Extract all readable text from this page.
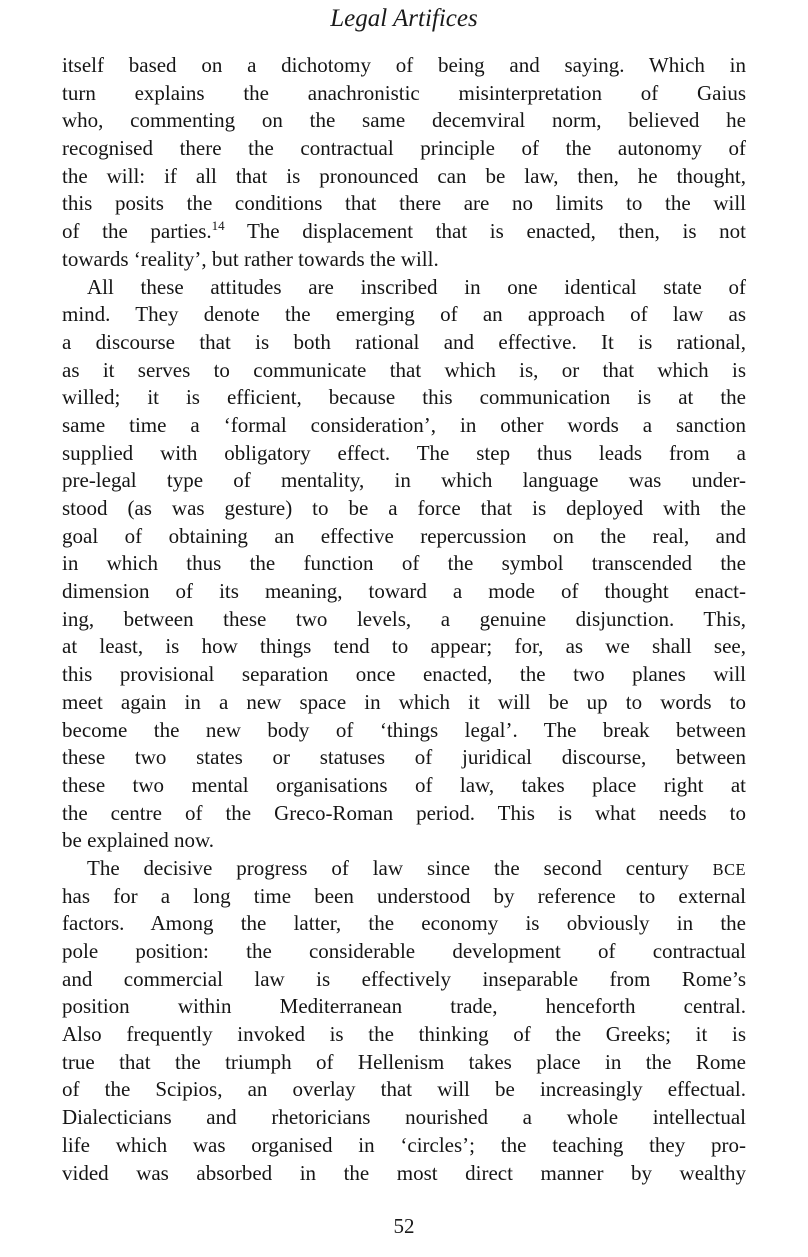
Legal Artifices
itself based on a dichotomy of being and saying. Which in
turn explains the anachronistic misinterpretation of Gaius
who, commenting on the same decemviral norm, believed he
recognised there the contractual principle of the autonomy of
the will: if all that is pronounced can be law, then, he thought,
this posits the conditions that there are no limits to the will
of the parties.$^{14}$ The displacement that is enacted, then, is not
towards ‘reality’, but rather towards the will.
All these attitudes are inscribed in one identical state of
mind. They denote the emerging of an approach of law as
a discourse that is both rational and effective. It is rational,
as it serves to communicate that which is, or that which is
willed; it is efficient, because this communication is at the
same time a ‘formal consideration’, in other words a sanction
supplied with obligatory effect. The step thus leads from a
pre-legal type of mentality, in which language was under-
stood (as was gesture) to be a force that is deployed with the
goal of obtaining an effective repercussion on the real, and
in which thus the function of the symbol transcended the
dimension of its meaning, toward a mode of thought enact-
ing, between these two levels, a genuine disjunction. This,
at least, is how things tend to appear; for, as we shall see,
this provisional separation once enacted, the two planes will
meet again in a new space in which it will be up to words to
become the new body of ‘things legal’. The break between
these two states or statuses of juridical discourse, between
these two mental organisations of law, takes place right at
the centre of the Greco-Roman period. This is what needs to
be explained now.
The decisive progress of law since the second century BCE
has for a long time been understood by reference to external
factors. Among the latter, the economy is obviously in the
pole position: the considerable development of contractual
and commercial law is effectively inseparable from Rome’s
position within Mediterranean trade, henceforth central.
Also frequently invoked is the thinking of the Greeks; it is
true that the triumph of Hellenism takes place in the Rome
of the Scipios, an overlay that will be increasingly effectual.
Dialecticians and rhetoricians nourished a whole intellectual
life which was organised in ‘circles’; the teaching they pro-
vided was absorbed in the most direct manner by wealthy
52
